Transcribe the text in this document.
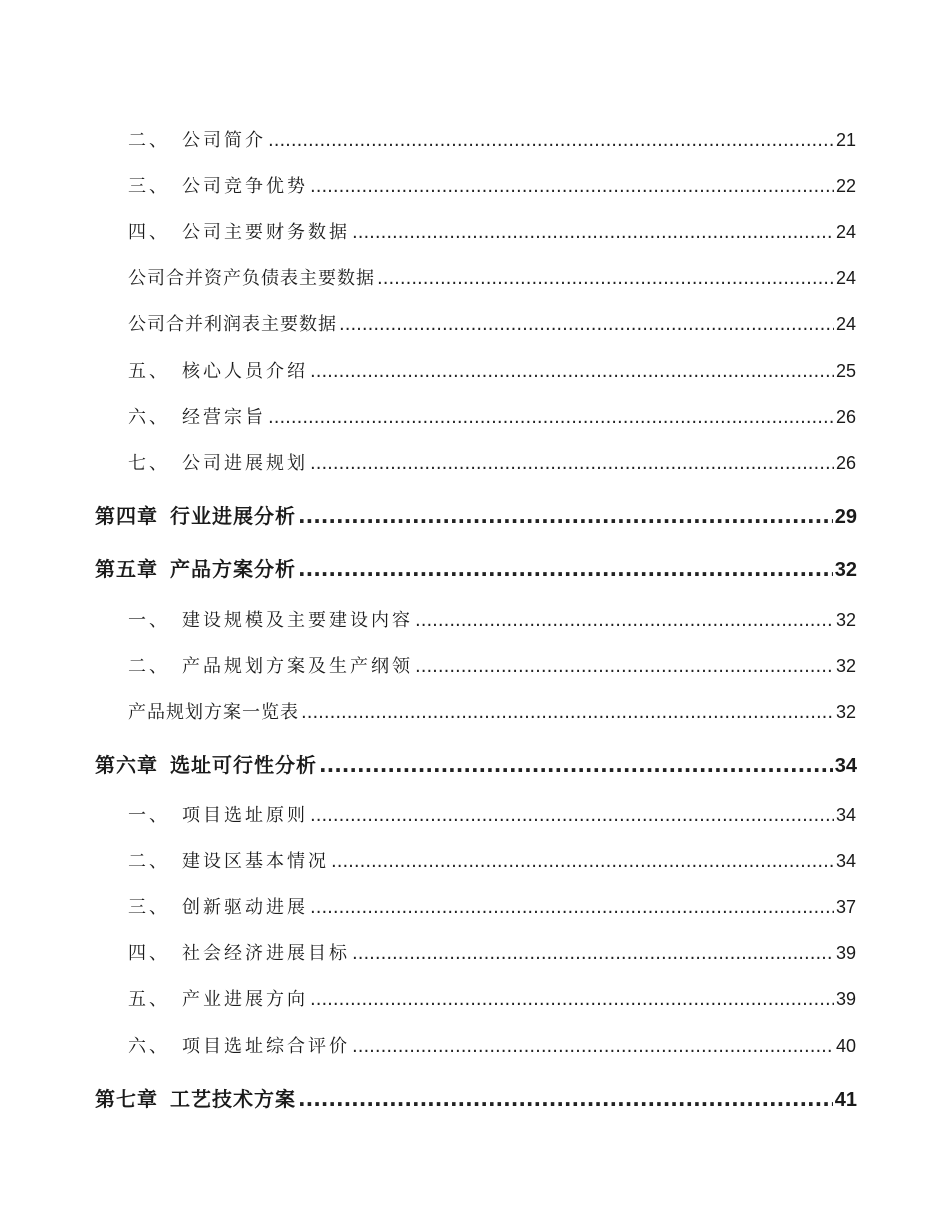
二、 公司简介 .....	21
三、 公司竞争优势 .....	22
四、 公司主要财务数据 .....	24
公司合并资产负债表主要数据 .....	24
公司合并利润表主要数据 .....	24
五、 核心人员介绍 .....	25
六、 经营宗旨 .....	26
七、 公司进展规划 .....	26
第四章 行业进展分析 .....	29
第五章 产品方案分析 .....	32
一、 建设规模及主要建设内容 .....	32
二、 产品规划方案及生产纲领 .....	32
产品规划方案一览表 .....	32
第六章 选址可行性分析 .....	34
一、 项目选址原则 .....	34
二、 建设区基本情况 .....	34
三、 创新驱动进展 .....	37
四、 社会经济进展目标 .....	39
五、 产业进展方向 .....	39
六、 项目选址综合评价 .....	40
第七章 工艺技术方案 .....	41
